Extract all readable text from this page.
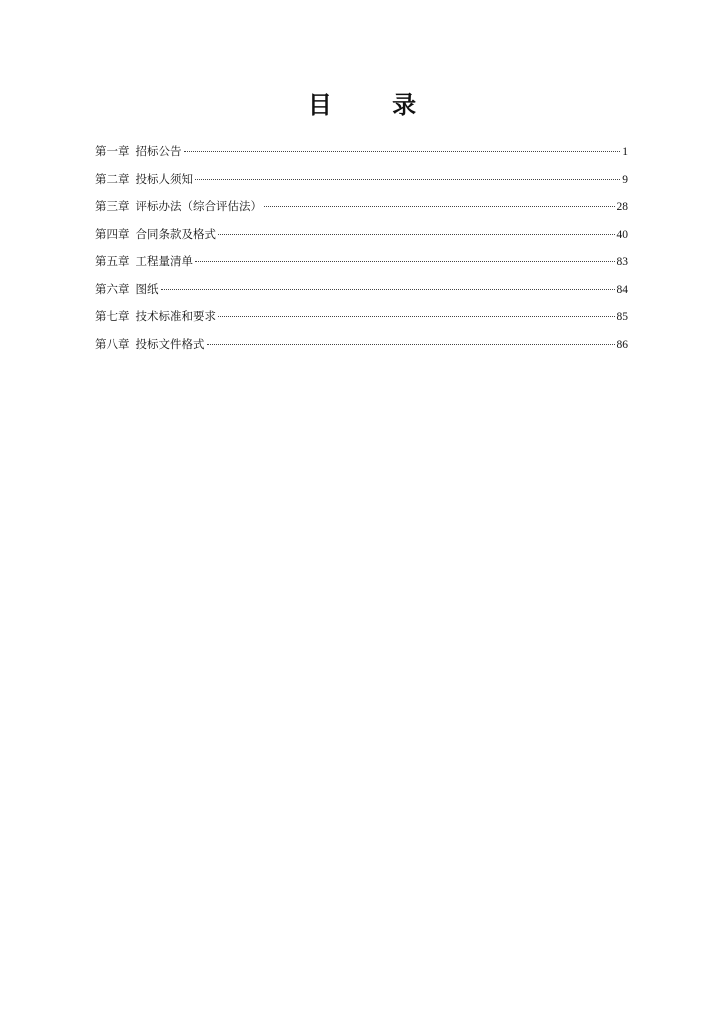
目 录
第一章 招标公告	1
第二章 投标人须知	9
第三章 评标办法（综合评估法）	28
第四章 合同条款及格式	40
第五章 工程量清单	83
第六章 图纸	84
第七章 技术标准和要求	85
第八章 投标文件格式	86
